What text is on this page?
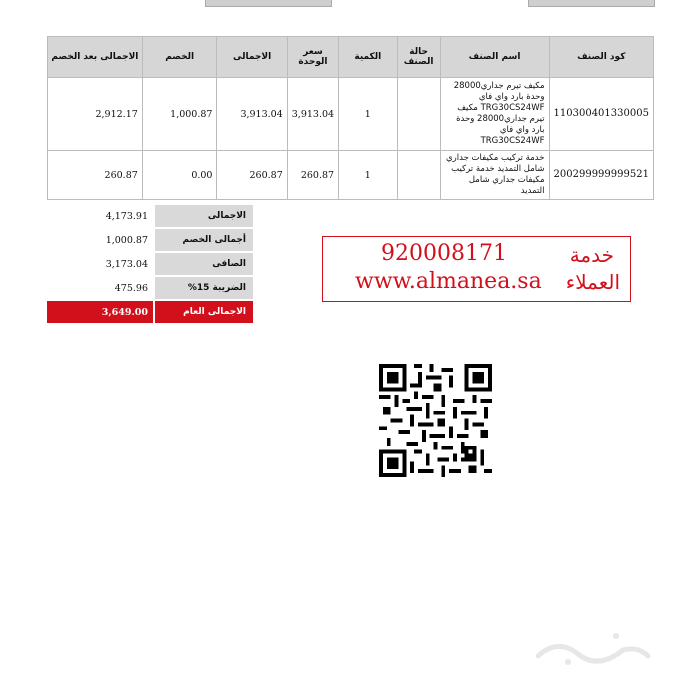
الاجمالى بعد الخصم	الخصم	الاجمالى	سعر الوحدة	الكمية	حالة الصنف	اسم الصنف	كود الصنف
2,912.17	1,000.87	3,913.04	3,913.04	1		مكيف تيرم جداري28000 وحدة بارد واي فاي TRG30CS24WF مكيف تيرم جداري28000 وحدة بارد واي فاي TRG30CS24WF	110300401330005
260.87	0.00	260.87	260.87	1		خدمة تركيب مكيفات جداري شامل التمديد خدمة تركيب مكيفات جداري شامل التمديد	200299999999521
4,173.91	الاجمالى
1,000.87	أجمالى الخصم
3,173.04	الصافى
475.96	الضريبة 15%
3,649.00	الاجمالى العام
920008171
www.almanea.sa
خدمة
العملاء
